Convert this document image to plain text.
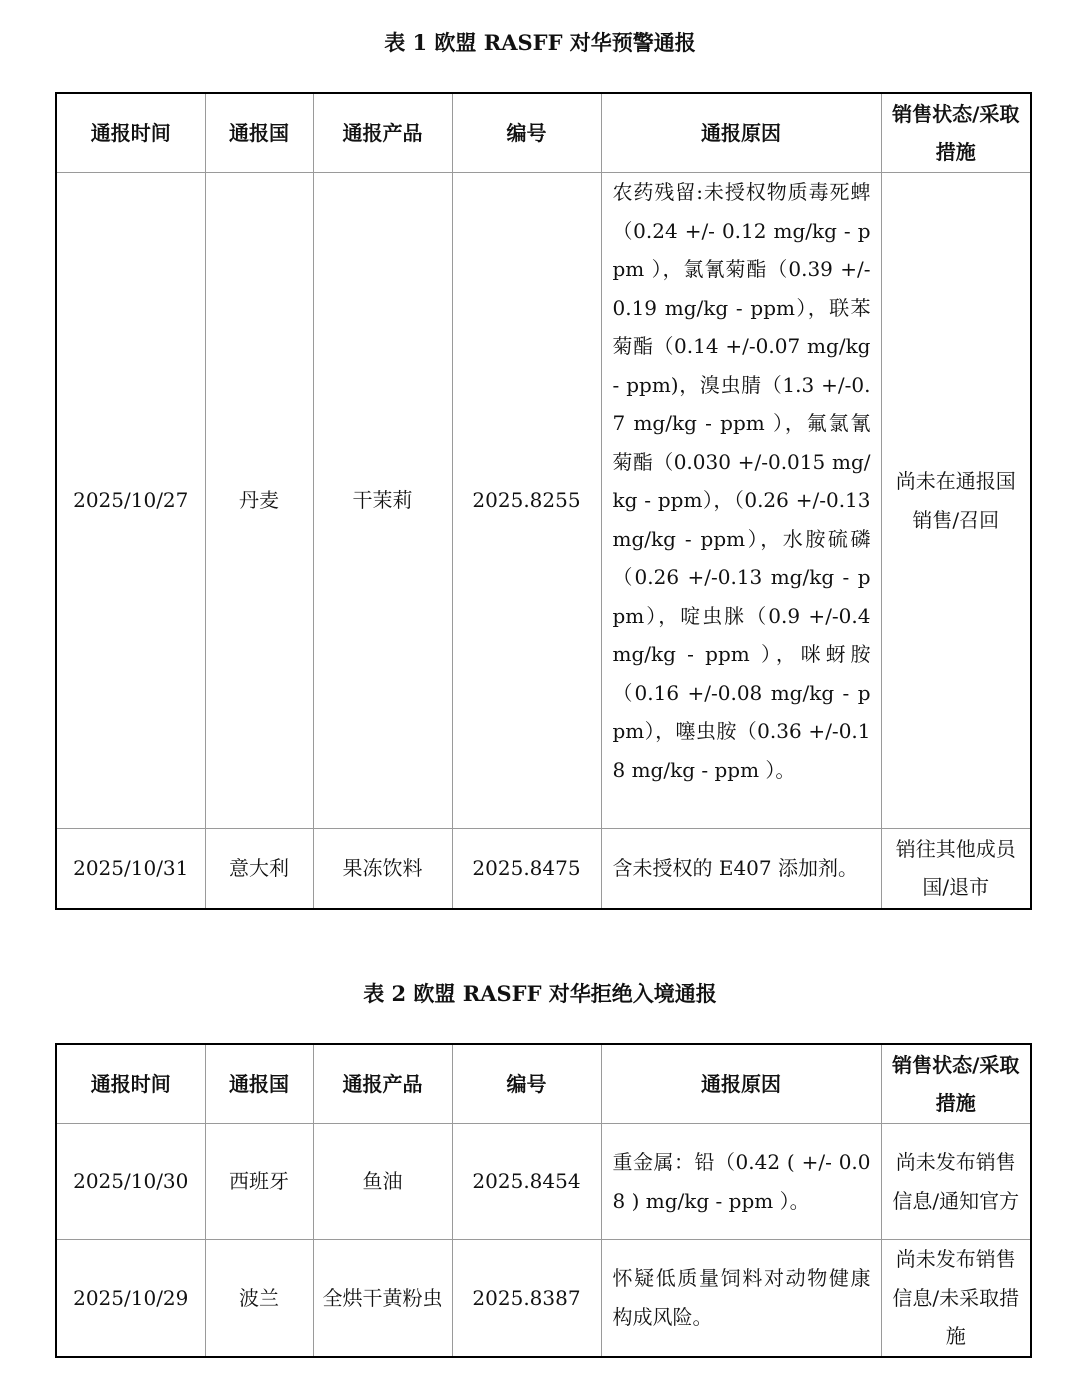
表 1 欧盟 RASFF 对华预警通报
通报时间	通报国	通报产品	编号	通报原因	销售状态/采取措施
2025/10/27	丹麦	干茉莉	2025.8255	农药残留:未授权物质毒死蜱（0.24 +/- 0.12 mg/kg - ppm ），氯氰菊酯（0.39 +/- 0.19 mg/kg - ppm），联苯菊酯（0.14 +/-0.07 mg/kg - ppm)，溴虫腈（1.3 +/-0.7 mg/kg - ppm ），氟氯氰菊酯（0.030 +/-0.015 mg/kg - ppm），（0.26 +/-0.13 mg/kg - ppm），水胺硫磷（0.26 +/-0.13 mg/kg - ppm），啶虫脒（0.9 +/-0.4 mg/kg - ppm ），咪蚜胺（0.16 +/-0.08 mg/kg - ppm），噻虫胺（0.36 +/-0.18 mg/kg - ppm ）。	尚未在通报国销售/召回
2025/10/31	意大利	果冻饮料	2025.8475	含未授权的 E407 添加剂。	销往其他成员国/退市
表 2 欧盟 RASFF 对华拒绝入境通报
通报时间	通报国	通报产品	编号	通报原因	销售状态/采取措施
2025/10/30	西班牙	鱼油	2025.8454	重金属：铅（0.42 ( +/- 0.08 ) mg/kg - ppm ）。	尚未发布销售信息/通知官方
2025/10/29	波兰	全烘干黄粉虫	2025.8387	怀疑低质量饲料对动物健康构成风险。	尚未发布销售信息/未采取措施
